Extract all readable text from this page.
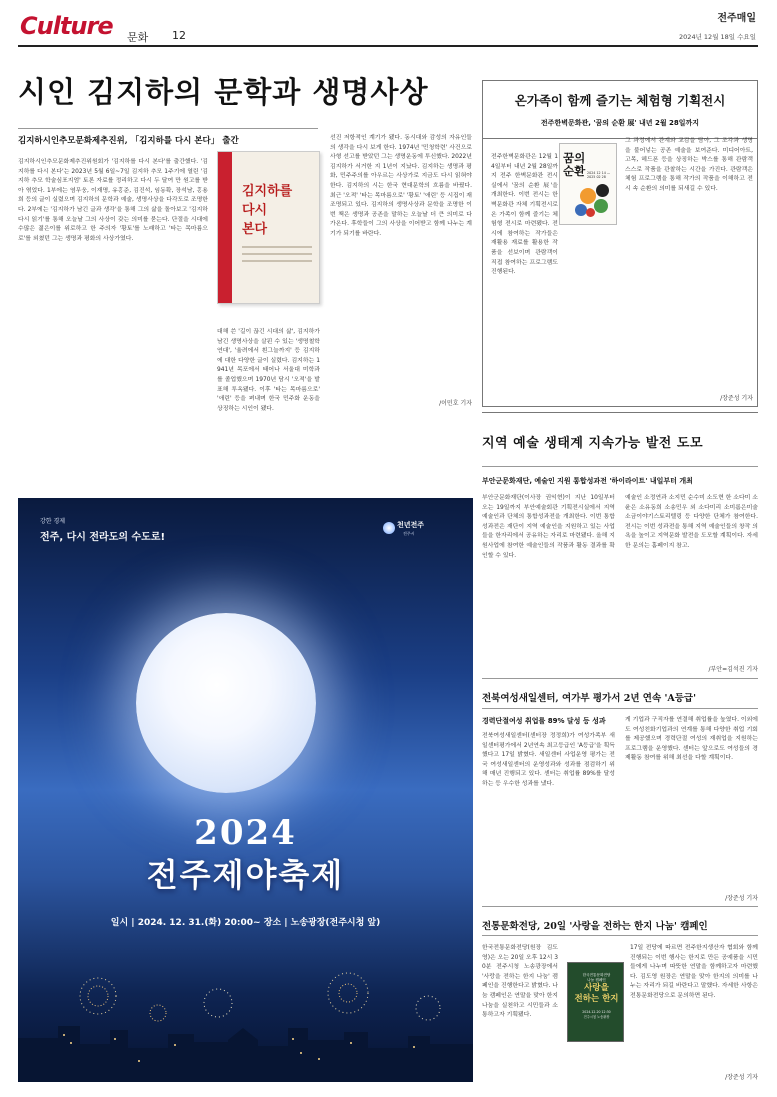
Culture 문화 12
전주매일
2024년 12월 18일 수요일
시인 김지하의 문학과 생명사상
김지하시인추모문화제추진위, 「김지하를 다시 본다」 출간
김지하시인추모문화제추진위원회가 '김지하를 다시 본다'를 출간했다. '김지하를 다시 본다'는 2023년 5월 6일~7일 김지하 추모 1주기에 열린 '김지하 추모 학술심포지엄' 토론 자료를 정리하고 다시 두 달여 만 원고를 받아 엮었다. 1부에는 염무웅, 이재명, 유홍준, 김진석, 임동확, 장석남, 홍용희 등의 글이 실렸으며 김지하의 문학과 예술, 생명사상을 다각도로 조명한다. 2부에는 '김지하가 남긴 글과 생각'을 통해 그의 삶을 돌아보고 '김지하 다시 읽기'를 통해 오늘날 그의 사상이 갖는 의미를 묻는다. 단절을 시대에 수많은 젊은이를 위로하고 한 주의자 '황토'를 노래하고 '타는 목마름으로'를 외쳤던 그는 생명과 평화의 사상가였다.
김지하를
다시
본다
대해 쓴 '길이 끊긴 시대의 삶', 김지하가 남긴 생명사상을 살핀 수 있는 '생명철학 연대', '율려에서 흰그늘까지' 등 김지하에 대한 다양한 글이 실렸다. 김지하는 1941년 목포에서 태어나 서울대 미학과를 졸업했으며 1970년 담시 '오적'을 발표해 투옥됐다. 이후 '타는 목마름으로' '애린' 등을 펴내며 한국 민주화 운동을 상징하는 시인이 됐다.
선진 저항적인 계기가 됐다. 동시대와 감성의 자유인들의 생각을 다시 보게 한다. 1974년 '민청학련' 사건으로 사형 선고를 받았던 그는 생명운동에 투신했다. 2022년 김지하가 서거한 지 1년이 지났다. 김지하는 생명과 평화, 민주주의를 아우르는 사상가로 지금도 다시 읽혀야 한다. 김지하의 시는 한국 현대문학의 흐름을 바꿨다. 최근 '오적' '타는 목마름으로' '황토' '애린' 등 시집이 재조명되고 있다. 김지하의 생명사상과 문학을 조명한 이번 책은 생명과 공존을 말하는 오늘날 더 큰 의미로 다가온다. 후학들이 그의 사상을 이어받고 함께 나누는 계기가 되기를 바란다.
/이민호 기자
온가족이 함께 즐기는 체험형 기획전시
전주한벽문화관, '꿈의 순환 展' 내년 2월 28일까지
전주한벽문화관은 12월 14일부터 내년 2월 28일까지 전주 한벽문화관 전시실에서 '꿈의 순환 展'을 개최한다. 이번 전시는 한벽문화관 자체 기획전시로 온 가족이 함께 즐기는 체험형 전시로 마련됐다. 전시에 참여하는 작가들은 재활용 재료를 활용한 작품을 선보이며 관람객이 직접 참여하는 프로그램도 진행된다.
그 과정에서 관계와 교감을 담아, 그 조각과 생명을 불어넣는 공존 예술을 보여준다. 미디어아트, 고목, 헤드폰 등을 상징하는 박스를 통해 관람객 스스로 작품을 관찰하는 시간을 가진다. 관람객은 체험 프로그램을 통해 작가의 작품을 이해하고 전시 속 순환의 의미를 되새길 수 있다.
/장준성 기자
꿈의
순환 2024 12 14 — 2025 02 28
지역 예술 생태계 지속가능 발전 도모
부안군문화재단, 예술인 지원 통합성과전 '하이라이트' 내일부터 개최
부안군문화재단(이사장 권익현)이 지난 10일부터 오는 19일까지 부안예술회관 기획전시실에서 지역 예술인과 단체의 통합성과전을 개최한다. 이번 통합성과전은 재단이 지역 예술인을 지원하고 있는 사업들을 한자리에서 공유하는 자리로 마련됐다. 올해 지원사업에 참여한 예술인들의 작품과 활동 결과를 확인할 수 있다.
예술인 소정연과 소지민 순수미 소도현 한 소다미 소윤은 소유동희 소송민우 외 소다미리 소미롬은미술 소금이야기스토리텔링 등 다양한 단체가 참여한다. 전시는 이번 성과전을 통해 지역 예술인들의 창작 의욕을 높이고 지역문화 발전을 도모할 계획이다. 자세한 문의는 홈페이지 참고.
/부안=김석진 기자
강한 경제
전주, 다시 전라도의 수도로!
천년전주
전주시
2024
전주제야축제
일시 | 2024. 12. 31.(화) 20:00~ 장소 | 노송광장(전주시청 앞)
전북여성새일센터, 여가부 평가서 2년 연속 'A등급'
경력단절여성 취업률 89% 달성 등 성과
전북여성새일센터(센터장 정정희)가 여성가족부 새일센터평가에서 2년연속 최고등급인 'A등급'을 획득했다고 17일 밝혔다. 새일센터 사업운영 평가는 전국 여성새일센터의 운영성과와 성과를 점검하기 위해 매년 진행되고 있다. 센터는 취업률 89%를 달성하는 등 우수한 성과를 냈다.
게 기업과 구직자를 연결해 취업률을 높였다. 이외에도 여성친화기업과의 연계를 통해 다양한 취업 기회를 제공했으며 경력단절 여성의 재취업을 지원하는 프로그램을 운영했다. 센터는 앞으로도 여성들의 경제활동 참여를 위해 최선을 다할 계획이다.
/장준성 기자
전통문화전당, 20일 '사랑을 전하는 한지 나눔' 캠페인
한국전통문화전당(원장 김도영)은 오는 20일 오후 12시 30분 전주시청 노송광장에서 '사랑을 전하는 한지 나눔' 캠페인을 진행한다고 밝혔다. 나눔 캠페인은 연말을 맞아 한지 나눔을 실천하고 시민들과 소통하고자 기획됐다.
한국전통문화전당
나눔 캠페인
사랑을
전하는 한지
2024.12.20 12:30
전주시청 노송광장
17일 전당에 따르면 전주한지생산자 협회와 함께 진행되는 이번 행사는 한지로 만든 공예품을 시민들에게 나누며 따뜻한 연말을 함께하고자 마련했다. 김도영 원장은 연말을 맞아 한지의 의미를 나누는 자리가 되길 바란다고 말했다. 자세한 사항은 전통문화전당으로 문의하면 된다.
/장준성 기자
